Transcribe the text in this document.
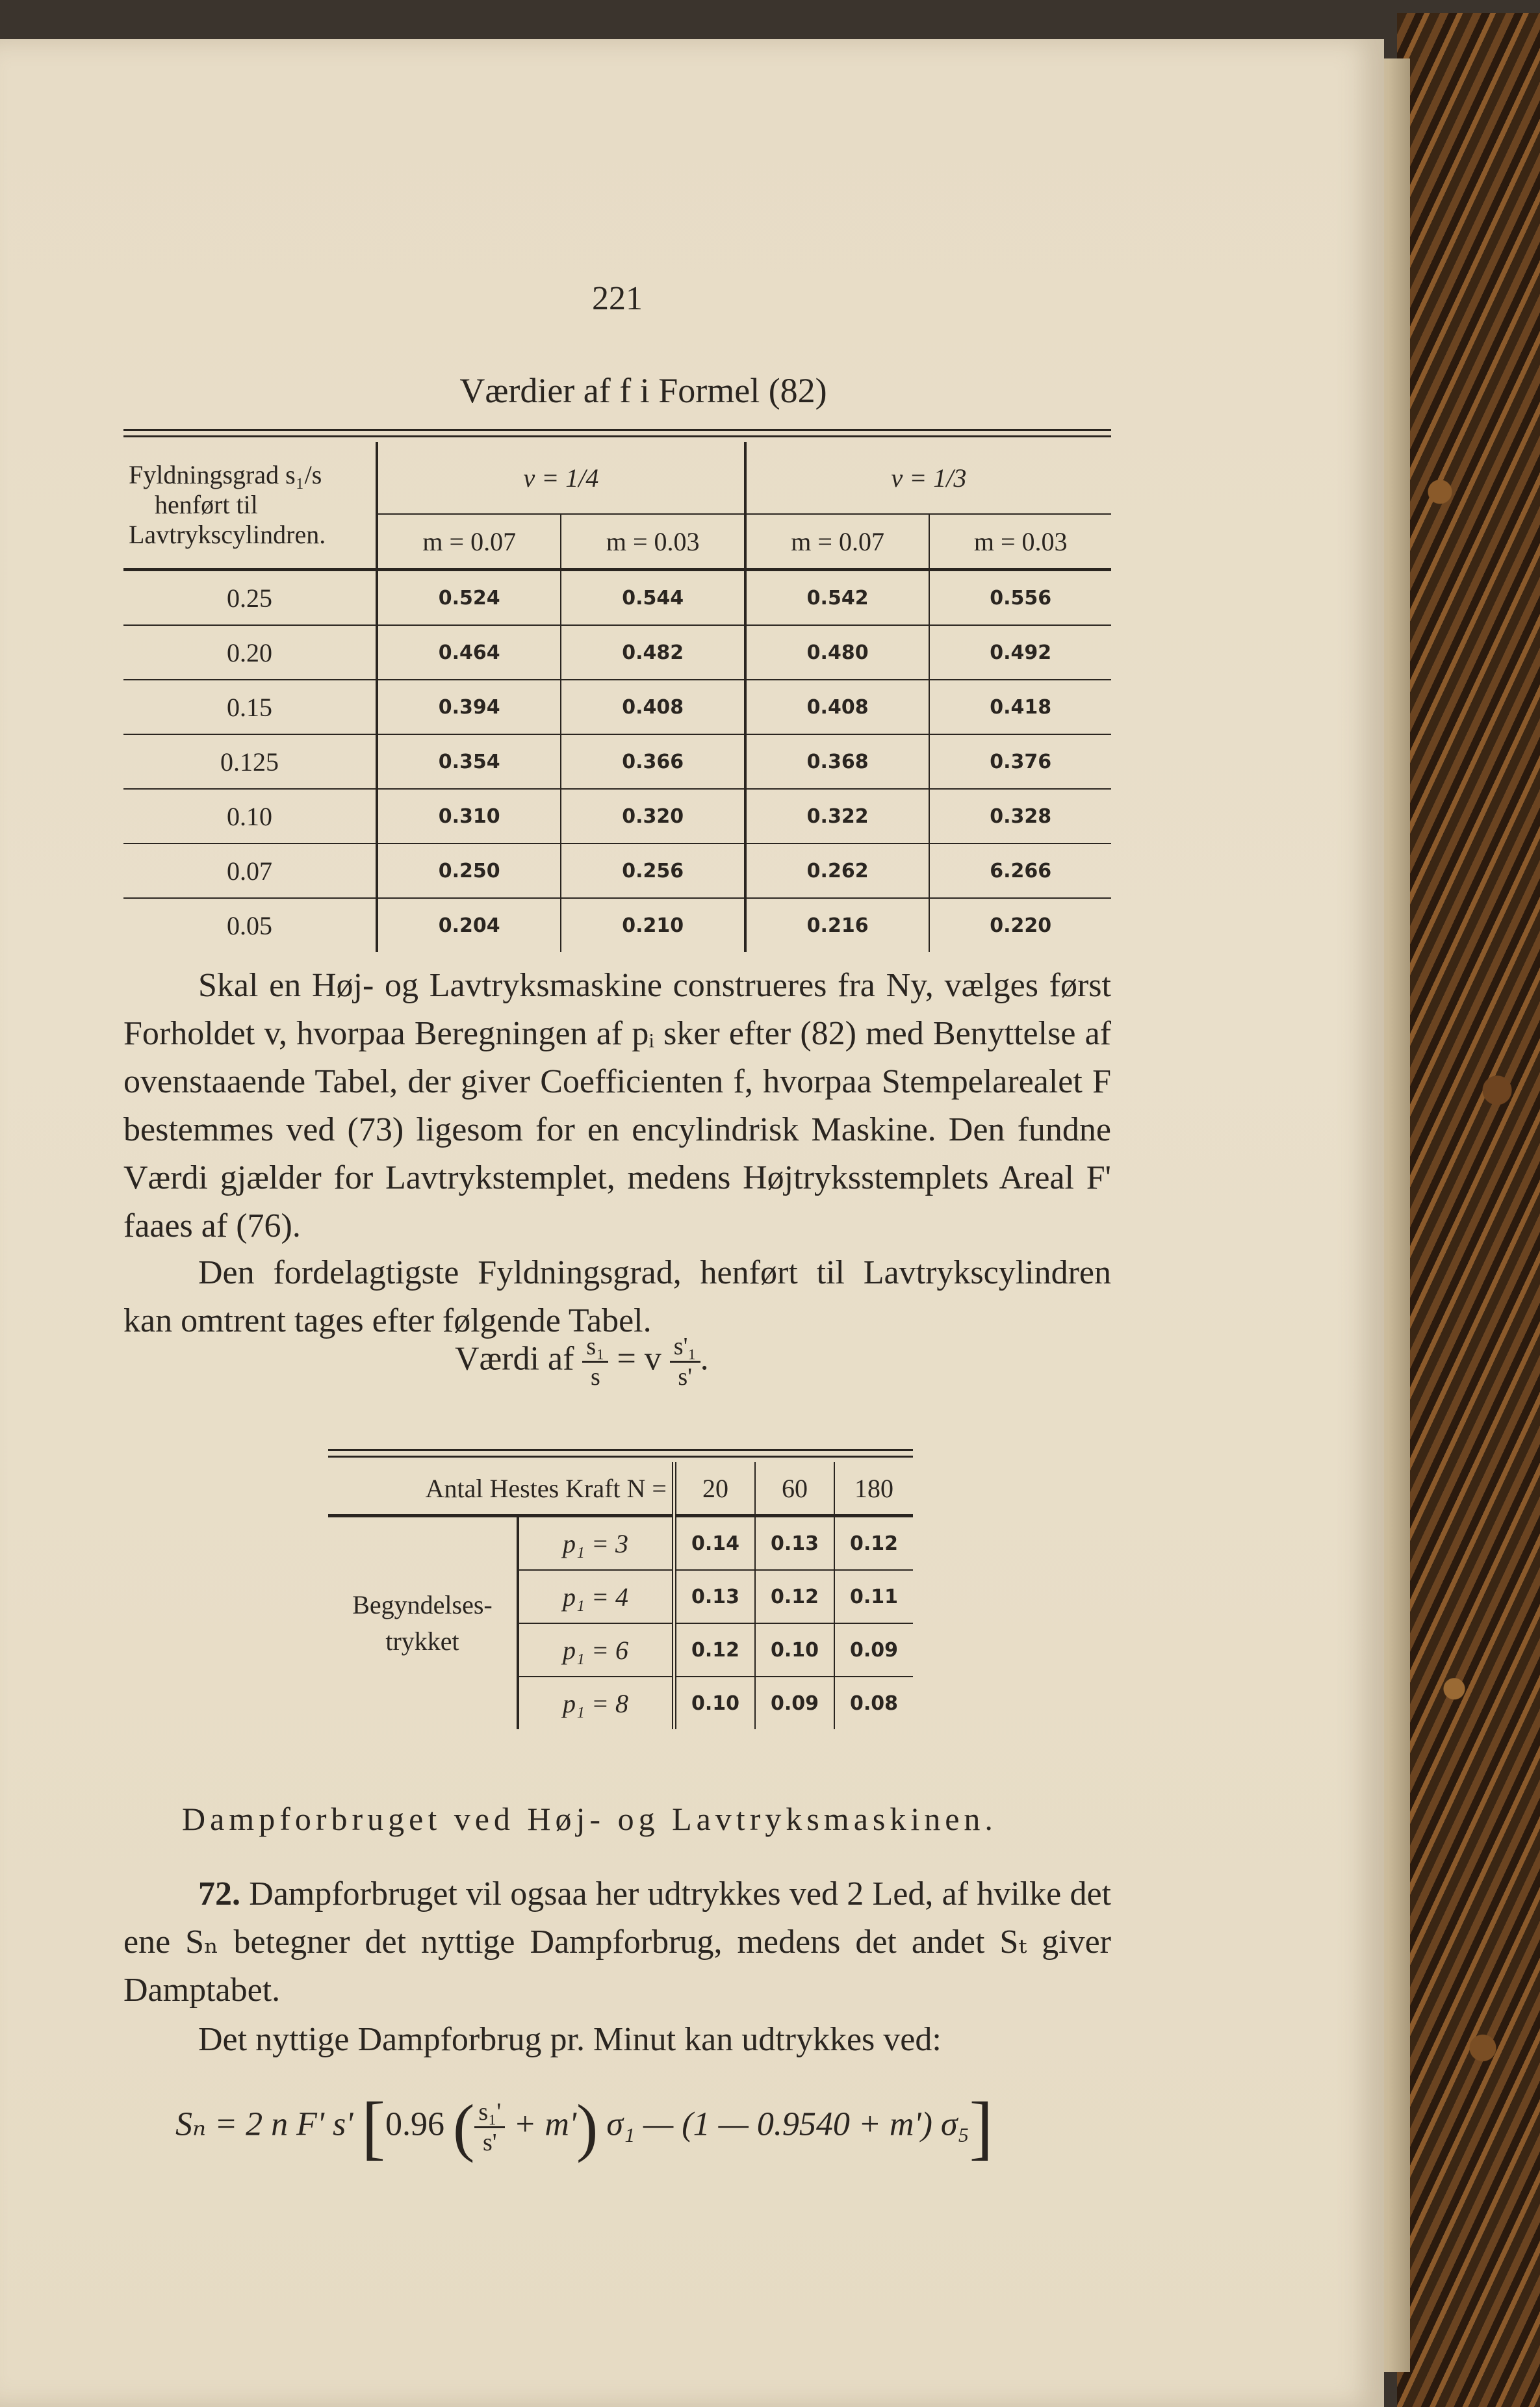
221
Værdier af f i Formel (82)
Fyldningsgrad s₁/s
henført til
Lavtrykscylindren.	v = 1/4		v = 1/3	
	m = 0.07	m = 0.03	m = 0.07	m = 0.03
0.25	0.524	0.544	0.542	0.556
0.20	0.464	0.482	0.480	0.492
0.15	0.394	0.408	0.408	0.418
0.125	0.354	0.366	0.368	0.376
0.10	0.310	0.320	0.322	0.328
0.07	0.250	0.256	0.262	6.266
0.05	0.204	0.210	0.216	0.220

Skal en Høj- og Lavtryksmaskine construeres fra Ny, vælges først Forholdet v, hvorpaa Beregningen af pᵢ sker efter (82) med Benyttelse af ovenstaaende Tabel, der giver Coefficienten f, hvorpaa Stempelarealet F bestemmes ved (73) ligesom for en encylindrisk Maskine. Den fundne Værdi gjælder for Lavtrykstemplet, medens Højtryksstemplets Areal F' faaes af (76).

Den fordelagtigste Fyldningsgrad, henført til Lavtrykscylindren kan omtrent tages efter følgende Tabel.

Værdi af $\frac{\text{s₁}}{s} = v \frac{\text{s'₁}}{s'}$ .
Antal Hestes Kraft N =		20	60	180

Begyndelses-
trykket	p₁ = 3	0.14	0.13	0.12
	p₁ = 4	0.13	0.12	0.11
	p₁ = 6	0.12	0.10	0.09
	p₁ = 8	0.10	0.09	0.08
Dampforbruget ved Høj- og Lavtryksmaskinen.

72. Dampforbruget vil ogsaa her udtrykkes ved 2 Led, af hvilke det ene Sₙ betegner det nyttige Dampforbrug, medens det andet Sₜ giver Damptabet.

Det nyttige Dampforbrug pr. Minut kan udtrykkes ved:

Sₙ = 2 n F' s' [0.96 ( $\frac{\text{s₁'}}{s'} + m'$) σ₁ — (1 — 0.9540 + m') σ₅]
